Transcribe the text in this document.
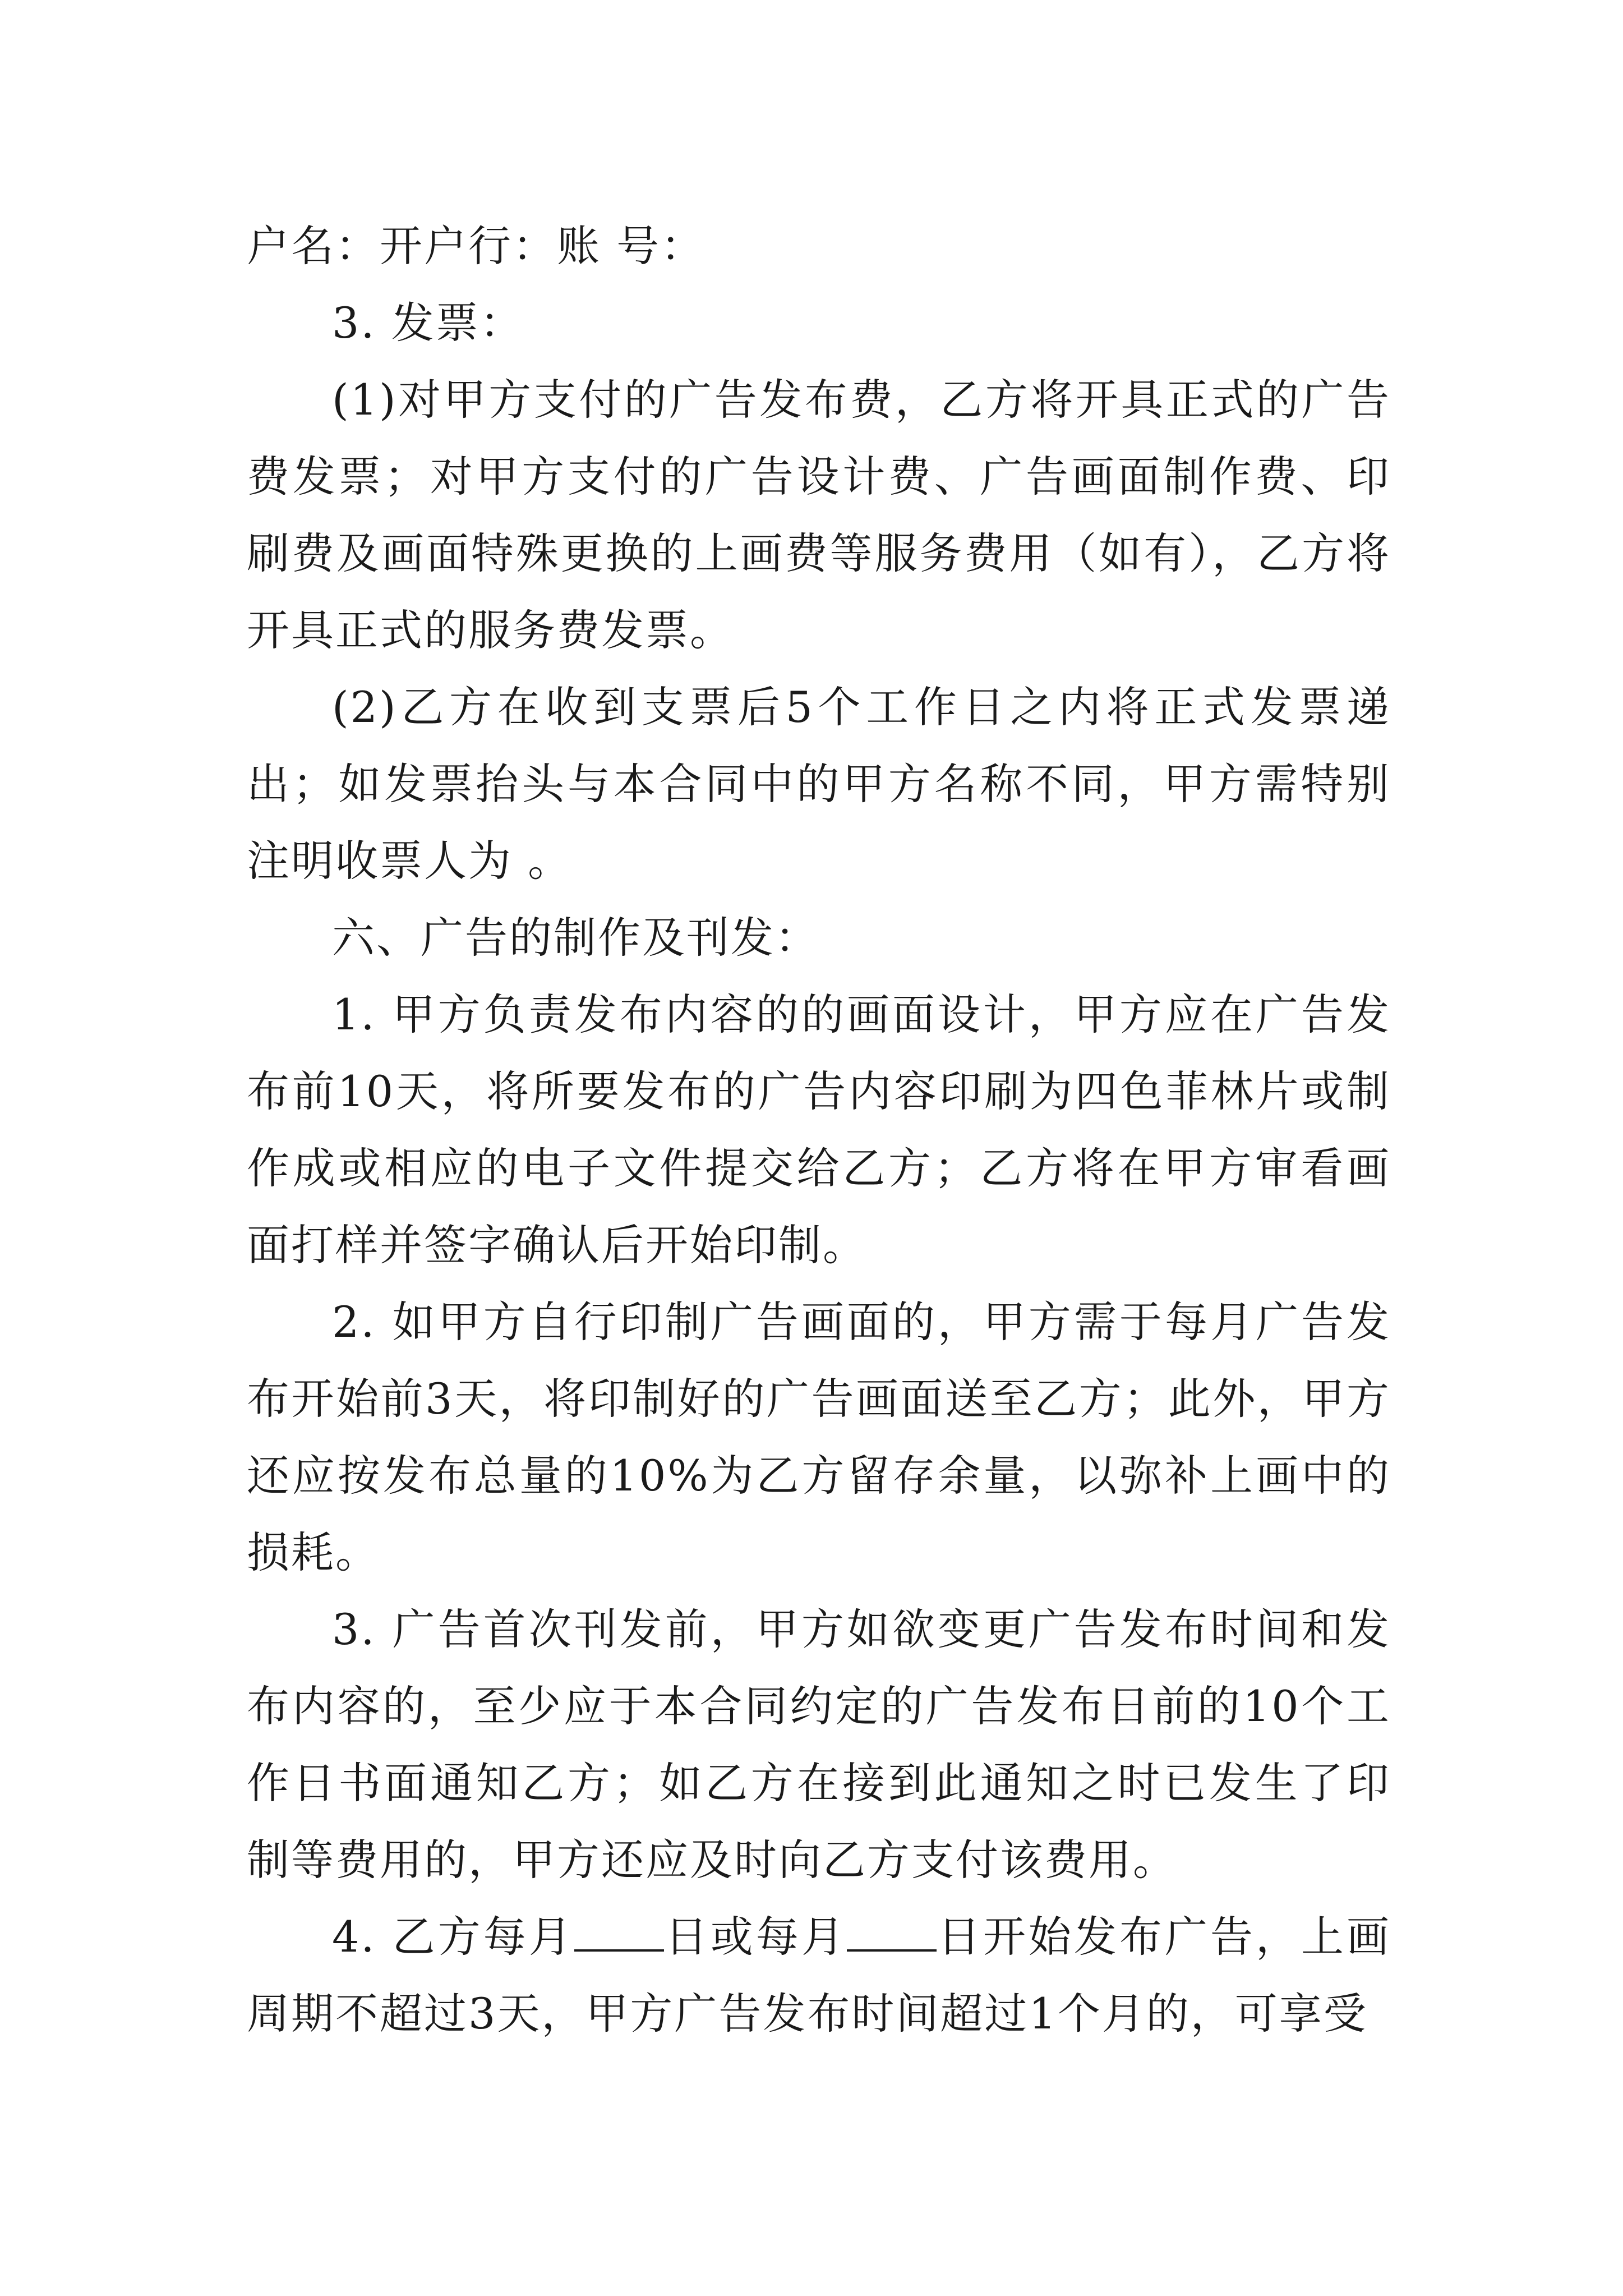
户名：开户行：账 号：

3. 发票：

(1)对甲方支付的广告发布费，乙方将开具正式的广告费发票；对甲方支付的广告设计费、广告画面制作费、印刷费及画面特殊更换的上画费等服务费用（如有），乙方将开具正式的服务费发票。

(2)乙方在收到支票后5个工作日之内将正式发票递出；如发票抬头与本合同中的甲方名称不同，甲方需特别注明收票人为 。

六、广告的制作及刊发：

1. 甲方负责发布内容的的画面设计，甲方应在广告发布前10天，将所要发布的广告内容印刷为四色菲林片或制作成或相应的电子文件提交给乙方；乙方将在甲方审看画面打样并签字确认后开始印制。

2. 如甲方自行印制广告画面的，甲方需于每月广告发布开始前3天，将印制好的广告画面送至乙方；此外，甲方还应按发布总量的10%为乙方留存余量，以弥补上画中的损耗。

3. 广告首次刊发前，甲方如欲变更广告发布时间和发布内容的，至少应于本合同约定的广告发布日前的10个工作日书面通知乙方；如乙方在接到此通知之时已发生了印制等费用的，甲方还应及时向乙方支付该费用。

4. 乙方每月 日或每月 日开始发布广告，上画周期不超过3天，甲方广告发布时间超过1个月的，可享受
